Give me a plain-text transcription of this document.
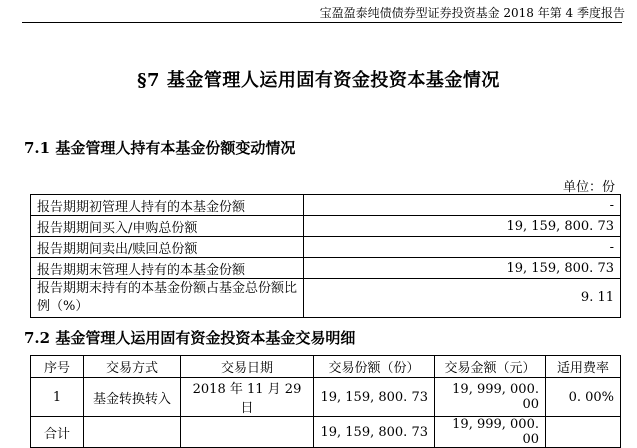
宝盈盈泰纯债债券型证券投资基金 2018 年第 4 季度报告
§7 基金管理人运用固有资金投资本基金情况
7.1 基金管理人持有本基金份额变动情况
单位：份
报告期期初管理人持有的本基金份额	-
报告期期间买入/申购总份额	19, 159, 800. 73
报告期期间卖出/赎回总份额	-
报告期期末管理人持有的本基金份额	19, 159, 800. 73
报告期期末持有的本基金份额占基金总份额比例（%）	9. 11
7.2 基金管理人运用固有资金投资本基金交易明细
序号	交易方式	交易日期	交易份额（份）	交易金额（元）	适用费率
1	基金转换转入	2018 年 11 月 29 日	19, 159, 800. 73	19, 999, 000. 00	0. 00%
合计			19, 159, 800. 73	19, 999, 000. 00	
